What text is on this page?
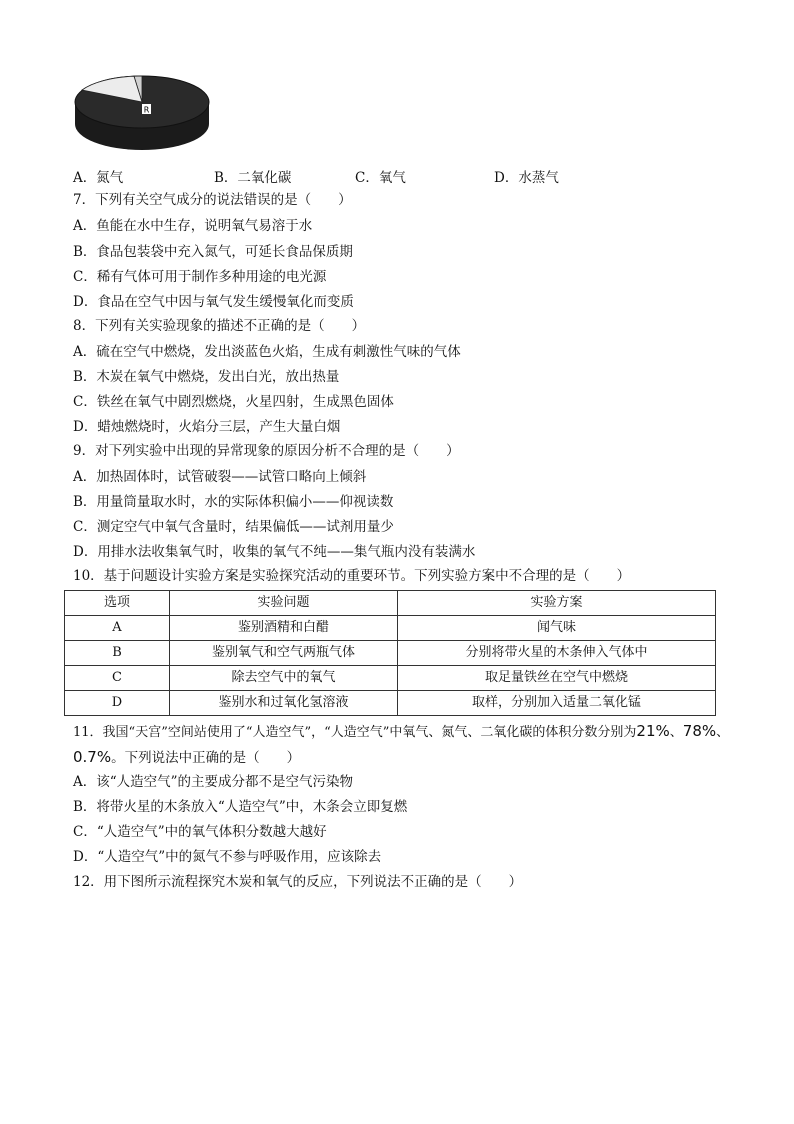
R
A．氮气	B．二氧化碳	C．氧气	D．水蒸气
7．下列有关空气成分的说法错误的是（　　）
A．鱼能在水中生存，说明氧气易溶于水
B．食品包装袋中充入氮气，可延长食品保质期
C．稀有气体可用于制作多种用途的电光源
D．食品在空气中因与氧气发生缓慢氧化而变质
8．下列有关实验现象的描述不正确的是（　　）
A．硫在空气中燃烧，发出淡蓝色火焰，生成有刺激性气味的气体
B．木炭在氧气中燃烧，发出白光，放出热量
C．铁丝在氧气中剧烈燃烧，火星四射，生成黑色固体
D．蜡烛燃烧时，火焰分三层，产生大量白烟
9．对下列实验中出现的异常现象的原因分析不合理的是（　　）
A．加热固体时，试管破裂——试管口略向上倾斜
B．用量筒量取水时，水的实际体积偏小——仰视读数
C．测定空气中氧气含量时，结果偏低——试剂用量少
D．用排水法收集氧气时，收集的氧气不纯——集气瓶内没有装满水
10．基于问题设计实验方案是实验探究活动的重要环节。下列实验方案中不合理的是（　　）
选项	实验问题	实验方案
A	鉴别酒精和白醋	闻气味
B	鉴别氧气和空气两瓶气体	分别将带火星的木条伸入气体中
C	除去空气中的氧气	取足量铁丝在空气中燃烧
D	鉴别水和过氧化氢溶液	取样，分别加入适量二氧化锰
11．我国“天宫”空间站使用了“人造空气”，“人造空气”中氧气、氮气、二氧化碳的体积分数分别为21%、78%、
0.7%。下列说法中正确的是（　　）
A．该“人造空气”的主要成分都不是空气污染物
B．将带火星的木条放入“人造空气”中，木条会立即复燃
C．“人造空气”中的氧气体积分数越大越好
D．“人造空气”中的氮气不参与呼吸作用，应该除去
12．用下图所示流程探究木炭和氧气的反应，下列说法不正确的是（　　）
